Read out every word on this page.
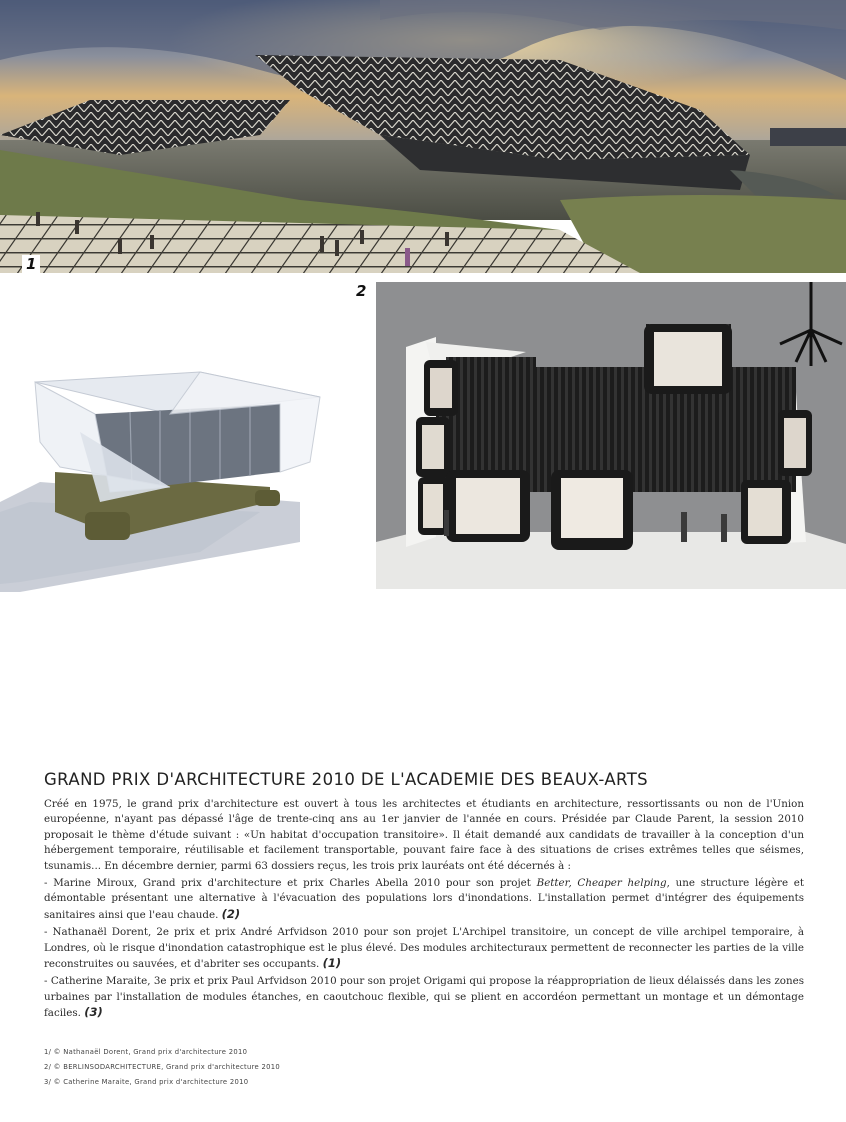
1
2
GRAND PRIX D'ARCHITECTURE 2010 DE L'ACADEMIE DES BEAUX-ARTS

Créé en 1975, le grand prix d'architecture est ouvert à tous les architectes et étudiants en architecture, ressortissants ou non de l'Union européenne, n'ayant pas dépassé l'âge de trente-cinq ans au 1er janvier de l'année en cours. Présidée par Claude Parent, la session 2010 proposait le thème d'étude suivant : «Un habitat d'occupation transitoire». Il était demandé aux candidats de travailler à la conception d'un hébergement temporaire, réutilisable et facilement transportable, pouvant faire face à des situations de crises extrêmes telles que séismes, tsunamis... En décembre dernier, parmi 63 dossiers reçus, les trois prix lauréats ont été décernés à :

- Marine Miroux, Grand prix d'architecture et prix Charles Abella 2010 pour son projet Better, Cheaper helping, une structure légère et démontable présentant une alternative à l'évacuation des populations lors d'inondations. L'installation permet d'intégrer des équipements sanitaires ainsi que l'eau chaude. (2)

- Nathanaël Dorent, 2e prix et prix André Arfvidson 2010 pour son projet L'Archipel transitoire, un concept de ville archipel temporaire, à Londres, où le risque d'inondation catastrophique est le plus élevé. Des modules architecturaux permettent de reconnecter les parties de la ville reconstruites ou sauvées, et d'abriter ses occupants. (1)

- Catherine Maraite, 3e prix et prix Paul Arfvidson 2010 pour son projet Origami qui propose la réappropriation de lieux délaissés dans les zones urbaines par l'installation de modules étanches, en caoutchouc flexible, qui se plient en accordéon permettant un montage et un démontage faciles. (3)

1/ © Nathanaël Dorent, Grand prix d'architecture 2010
2/ © BERLINSODARCHITECTURE, Grand prix d'architecture 2010
3/ © Catherine Maraite, Grand prix d'architecture 2010
